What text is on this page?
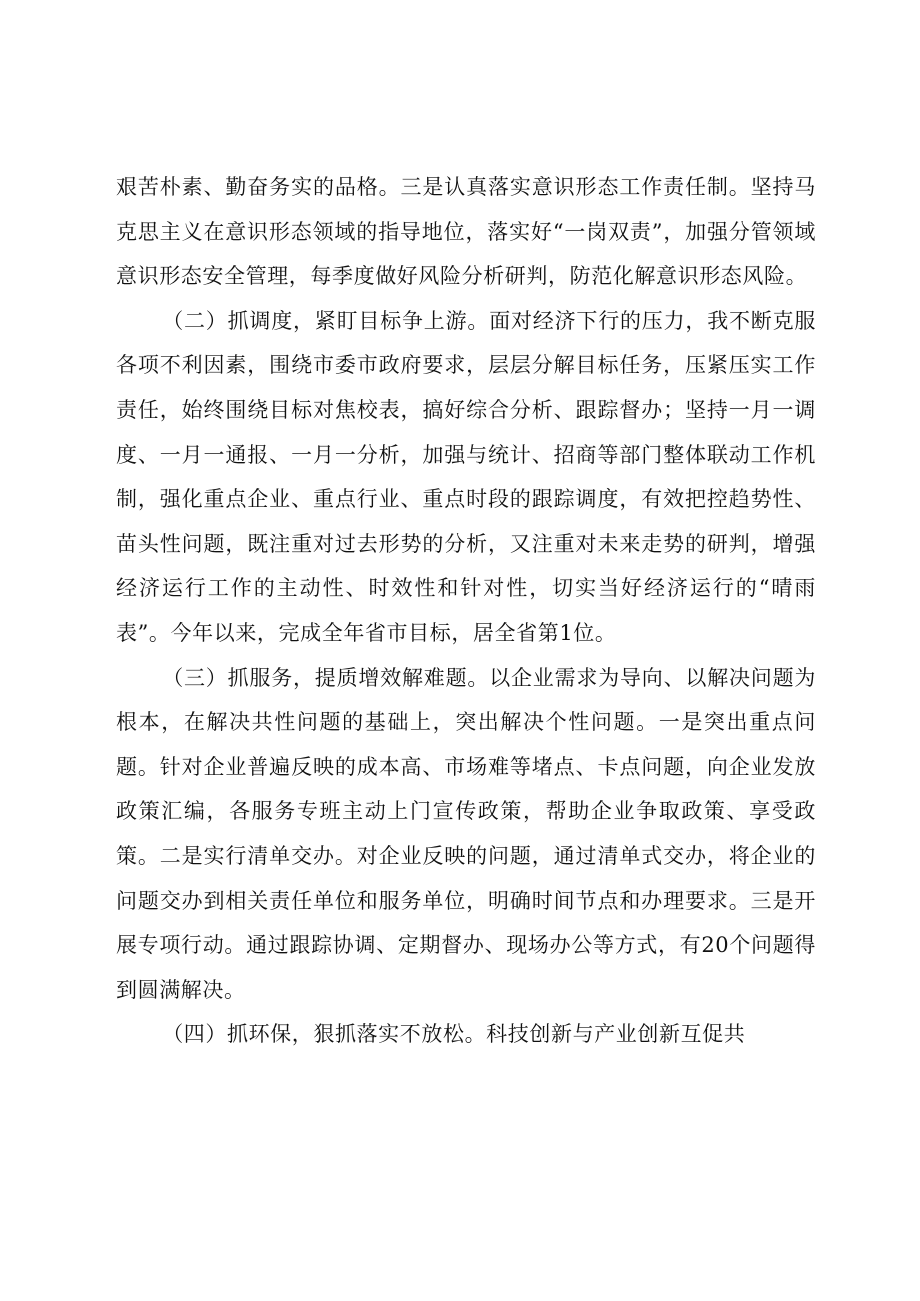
艰苦朴素、勤奋务实的品格。三是认真落实意识形态工作责任制。坚持马克思主义在意识形态领域的指导地位，落实好“一岗双责”，加强分管领域意识形态安全管理，每季度做好风险分析研判，防范化解意识形态风险。

（二）抓调度，紧盯目标争上游。面对经济下行的压力，我不断克服各项不利因素，围绕市委市政府要求，层层分解目标任务，压紧压实工作责任，始终围绕目标对焦校表，搞好综合分析、跟踪督办；坚持一月一调度、一月一通报、一月一分析，加强与统计、招商等部门整体联动工作机制，强化重点企业、重点行业、重点时段的跟踪调度，有效把控趋势性、苗头性问题，既注重对过去形势的分析，又注重对未来走势的研判，增强经济运行工作的主动性、时效性和针对性，切实当好经济运行的“晴雨表”。今年以来，完成全年省市目标，居全省第1位。

（三）抓服务，提质增效解难题。以企业需求为导向、以解决问题为根本，在解决共性问题的基础上，突出解决个性问题。一是突出重点问题。针对企业普遍反映的成本高、市场难等堵点、卡点问题，向企业发放政策汇编，各服务专班主动上门宣传政策，帮助企业争取政策、享受政策。二是实行清单交办。对企业反映的问题，通过清单式交办，将企业的问题交办到相关责任单位和服务单位，明确时间节点和办理要求。三是开展专项行动。通过跟踪协调、定期督办、现场办公等方式，有20个问题得到圆满解决。

（四）抓环保，狠抓落实不放松。科技创新与产业创新互促共
